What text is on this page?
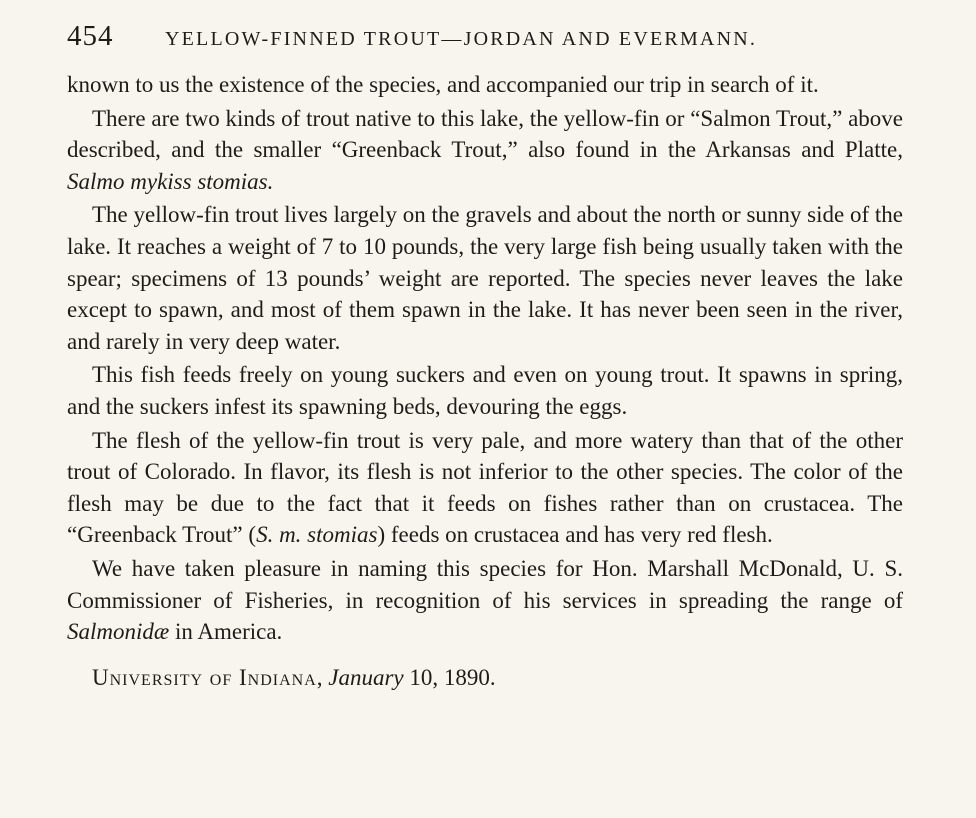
454	YELLOW-FINNED TROUT—JORDAN AND EVERMANN.

known to us the existence of the species, and accompanied our trip in search of it.

There are two kinds of trout native to this lake, the yellow-fin or “Salmon Trout,” above described, and the smaller “Greenback Trout,” also found in the Arkansas and Platte, Salmo mykiss stomias.

The yellow-fin trout lives largely on the gravels and about the north or sunny side of the lake. It reaches a weight of 7 to 10 pounds, the very large fish being usually taken with the spear; specimens of 13 pounds’ weight are reported. The species never leaves the lake except to spawn, and most of them spawn in the lake. It has never been seen in the river, and rarely in very deep water.

This fish feeds freely on young suckers and even on young trout. It spawns in spring, and the suckers infest its spawning beds, devouring the eggs.

The flesh of the yellow-fin trout is very pale, and more watery than that of the other trout of Colorado. In flavor, its flesh is not inferior to the other species. The color of the flesh may be due to the fact that it feeds on fishes rather than on crustacea. The “Greenback Trout” (S. m. stomias) feeds on crustacea and has very red flesh.

We have taken pleasure in naming this species for Hon. Marshall McDonald, U. S. Commissioner of Fisheries, in recognition of his services in spreading the range of Salmonidæ in America.

University of Indiana, January 10, 1890.
